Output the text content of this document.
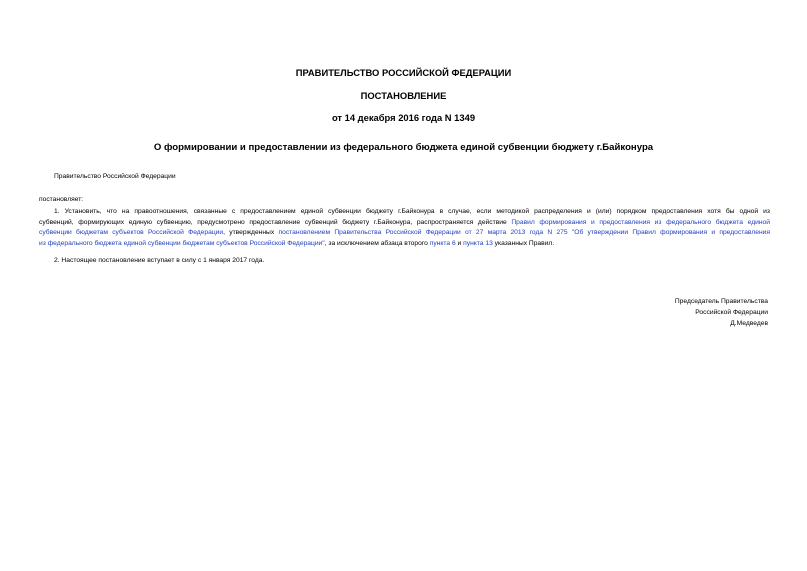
ПРАВИТЕЛЬСТВО РОССИЙСКОЙ ФЕДЕРАЦИИ
ПОСТАНОВЛЕНИЕ
от 14 декабря 2016 года N 1349
О формировании и предоставлении из федерального бюджета единой субвенции бюджету г.Байконура
Правительство Российской Федерации
постановляет:
1. Установить, что на правоотношения, связанные с предоставлением единой субвенции бюджету г.Байконура в случае, если методикой распределения и (или) порядком предоставления хотя бы одной из
субвенций, формирующих единую субвенцию, предусмотрено предоставление субвенций бюджету г.Байконура, распространяется действие Правил формирования и предоставления из федерального бюджета единой
субвенции бюджетам субъектов Российской Федерации, утвержденных постановлением Правительства Российской Федерации от 27 марта 2013 года N 275 "Об утверждении Правил формирования и предоставления
из федерального бюджета единой субвенции бюджетам субъектов Российской Федерации", за исключением абзаца второго пункта 6 и пункта 13 указанных Правил.
2. Настоящее постановление вступает в силу с 1 января 2017 года.
Председатель Правительства
Российской Федерации
Д.Медведев
